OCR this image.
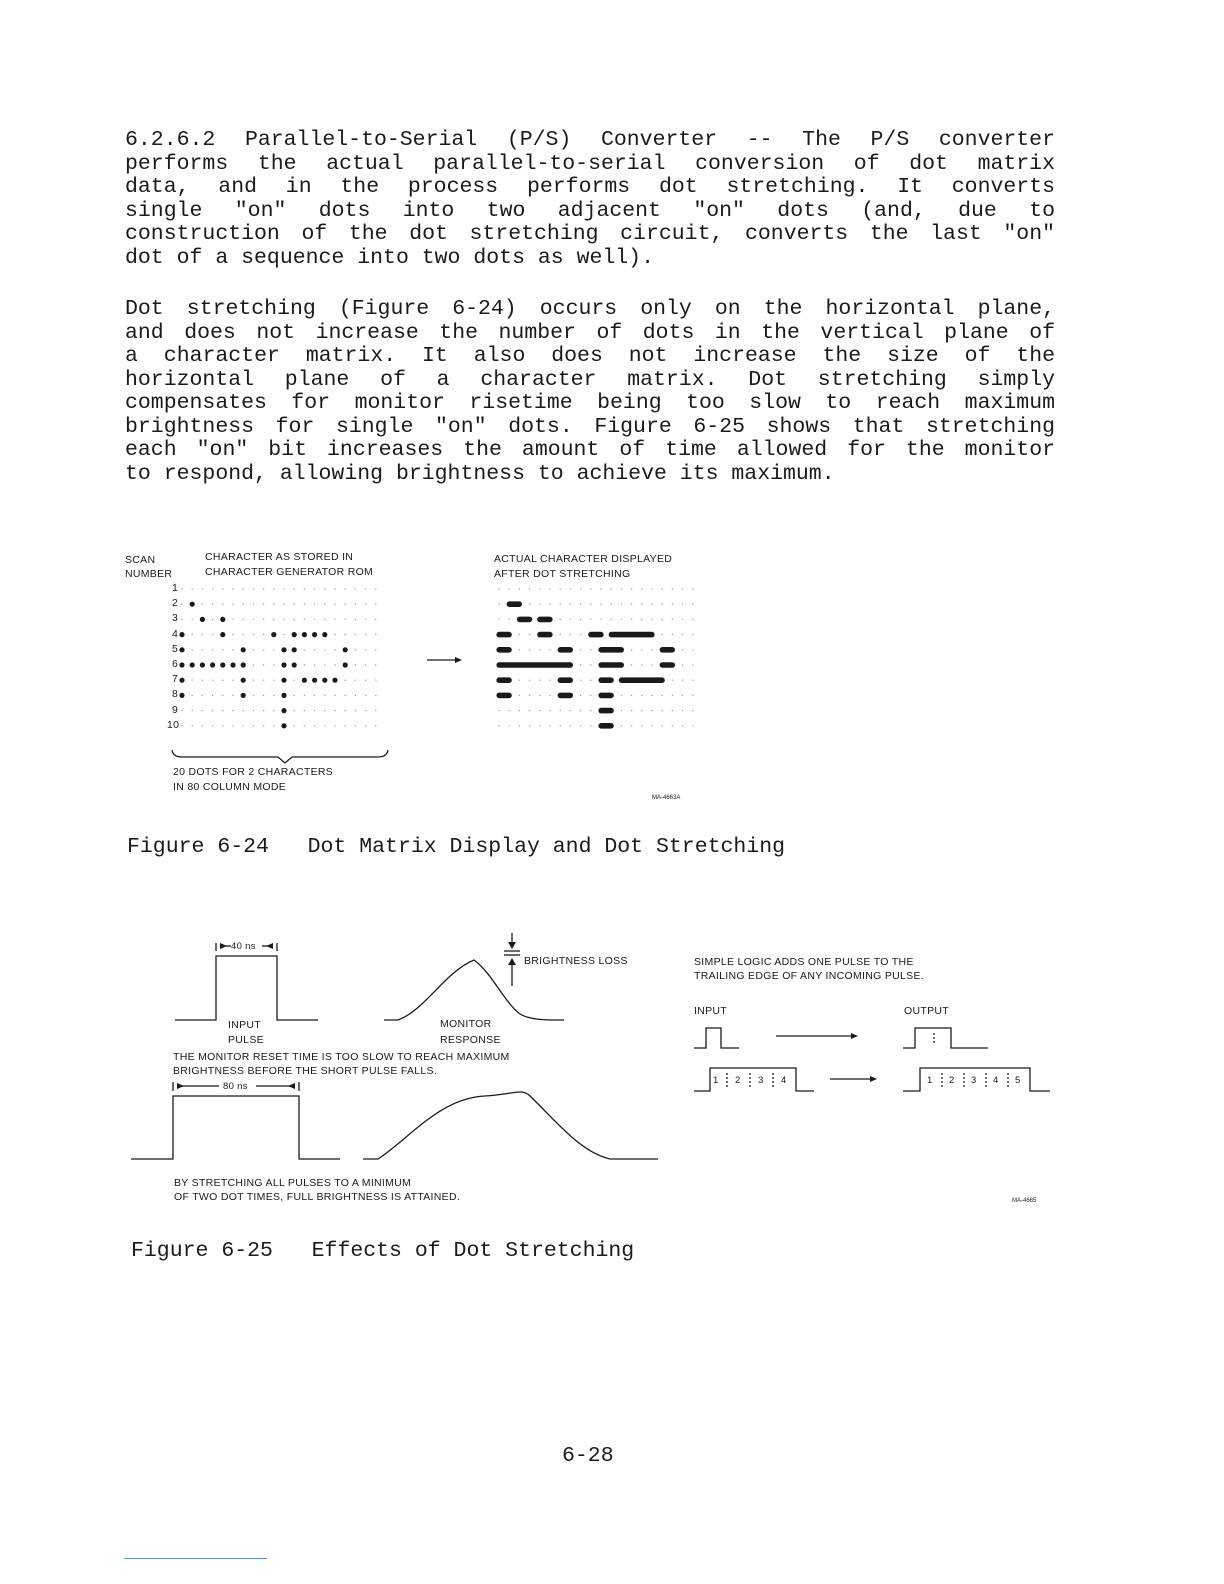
6.2.6.2 Parallel-to-Serial (P/S) Converter -- The P/S converter
performs the actual parallel-to-serial conversion of dot matrix
data, and in the process performs dot stretching. It converts
single "on" dots into two adjacent "on" dots (and, due to
construction of the dot stretching circuit, converts the last "on"
dot of a sequence into two dots as well).
Dot stretching (Figure 6-24) occurs only on the horizontal plane,
and does not increase the number of dots in the vertical plane of
a character matrix. It also does not increase the size of the
horizontal plane of a character matrix. Dot stretching simply
compensates for monitor risetime being too slow to reach maximum
brightness for single "on" dots. Figure 6-25 shows that stretching
each "on" bit increases the amount of time allowed for the monitor
to respond, allowing brightness to achieve its maximum.
SCAN
NUMBER
CHARACTER AS STORED IN
CHARACTER GENERATOR ROM
ACTUAL CHARACTER DISPLAYED
AFTER DOT STRETCHING
1
2
3
4
5
6
7
8
9
10
20 DOTS FOR 2 CHARACTERS
IN 80 COLUMN MODE
MA-4663A
Figure 6-24   Dot Matrix Display and Dot Stretching
40 ns
80 ns
BRIGHTNESS LOSS
INPUT
PULSE
MONITOR
RESPONSE
THE MONITOR RESET TIME IS TOO SLOW TO REACH MAXIMUM
BRIGHTNESS BEFORE THE SHORT PULSE FALLS.
BY STRETCHING ALL PULSES TO A MINIMUM
OF TWO DOT TIMES, FULL BRIGHTNESS IS ATTAINED.
SIMPLE LOGIC ADDS ONE PULSE TO THE
TRAILING EDGE OF ANY INCOMING PULSE.
INPUT	OUTPUT
1 2 3 4	1 2 3 4 5
MA-4665
Figure 6-25   Effects of Dot Stretching
6-28
